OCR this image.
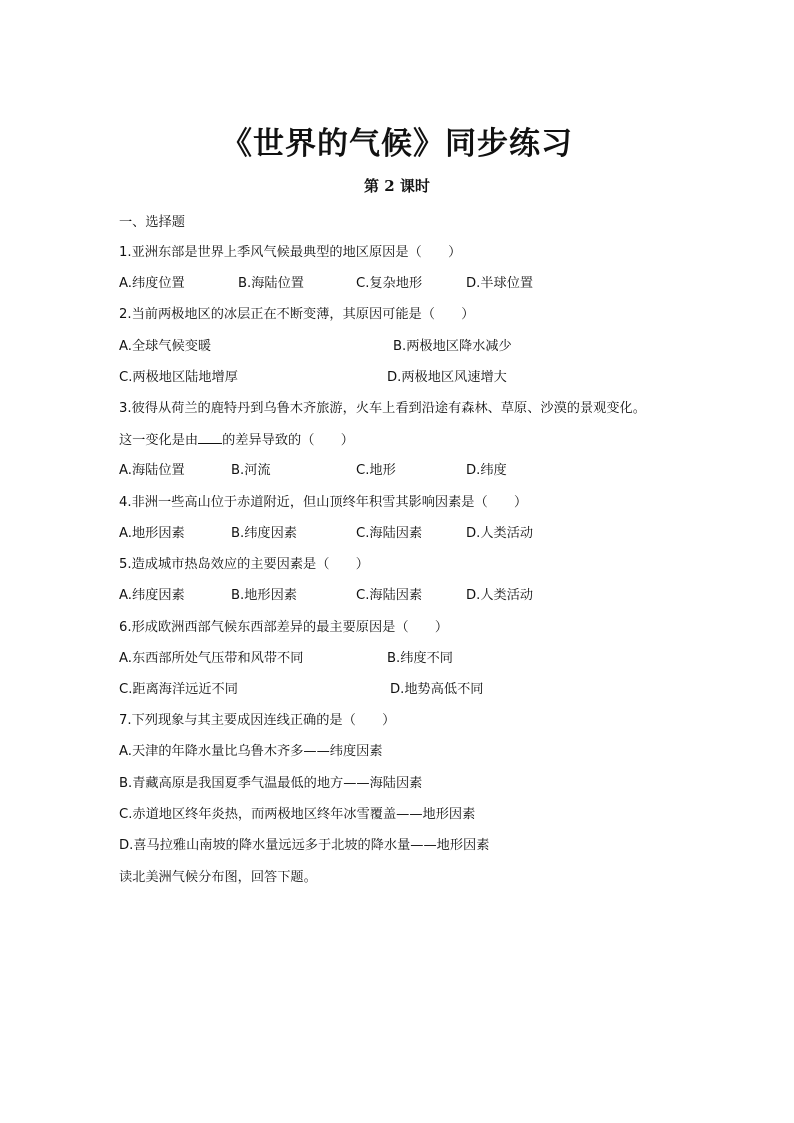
《世界的气候》同步练习
第 2 课时
一、选择题
1.亚洲东部是世界上季风气候最典型的地区原因是（　　）
A.纬度位置	B.海陆位置	C.复杂地形	D.半球位置
2.当前两极地区的冰层正在不断变薄，其原因可能是（　　）
A.全球气候变暖	B.两极地区降水减少
C.两极地区陆地增厚	D.两极地区风速增大
3.彼得从荷兰的鹿特丹到乌鲁木齐旅游，火车上看到沿途有森林、草原、沙漠的景观变化。
这一变化是由 的差异导致的（　　）
A.海陆位置	B.河流	C.地形	D.纬度
4.非洲一些高山位于赤道附近，但山顶终年积雪其影响因素是（　　）
A.地形因素	B.纬度因素	C.海陆因素	D.人类活动
5.造成城市热岛效应的主要因素是（　　）
A.纬度因素	B.地形因素	C.海陆因素	D.人类活动
6.形成欧洲西部气候东西部差异的最主要原因是（　　）
A.东西部所处气压带和风带不同	B.纬度不同
C.距离海洋远近不同	D.地势高低不同
7.下列现象与其主要成因连线正确的是（　　）
A.天津的年降水量比乌鲁木齐多——纬度因素
B.青藏高原是我国夏季气温最低的地方——海陆因素
C.赤道地区终年炎热，而两极地区终年冰雪覆盖——地形因素
D.喜马拉雅山南坡的降水量远远多于北坡的降水量——地形因素
读北美洲气候分布图，回答下题。
